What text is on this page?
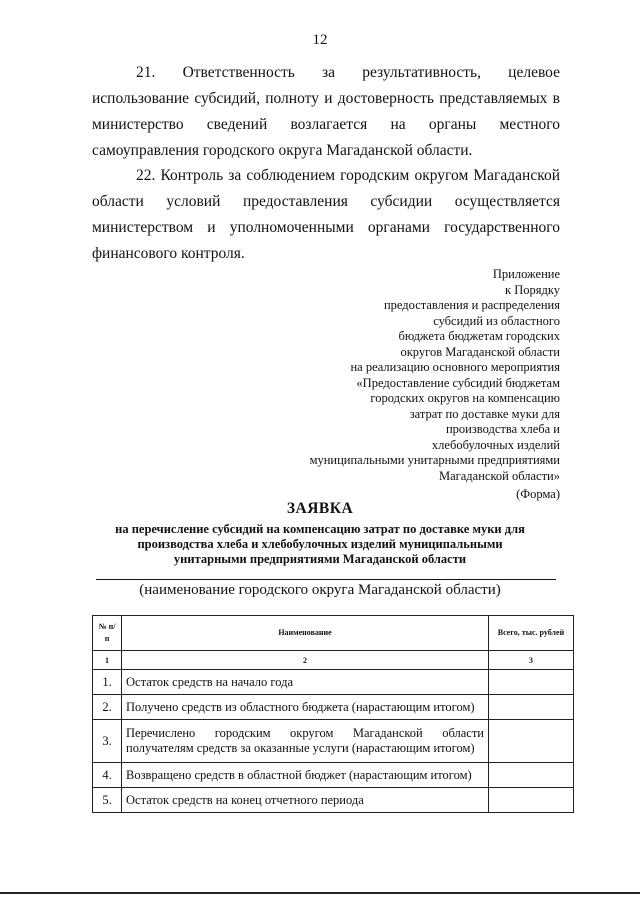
12
21. Ответственность за результативность, целевое использование субсидий, полноту и достоверность представляемых в министерство сведений возлагается на органы местного самоуправления городского округа Магаданской области.
22. Контроль за соблюдением городским округом Магаданской области условий предоставления субсидии осуществляется министерством и уполномоченными органами государственного финансового контроля.
Приложение
к Порядку
предоставления и распределения
субсидий из областного
бюджета бюджетам городских
округов Магаданской области
на реализацию основного мероприятия
«Предоставление субсидий бюджетам
городских округов на компенсацию
затрат по доставке муки для
производства хлеба и
хлебобулочных изделий
муниципальными унитарными предприятиями
Магаданской области»
(Форма)
ЗАЯВКА
на перечисление субсидий на компенсацию затрат по доставке муки для производства хлеба и хлебобулочных изделий муниципальными унитарными предприятиями Магаданской области
(наименование городского округа Магаданской области)
№ п/п	Наименование	Всего, тыс. рублей
1	2	3
1.	Остаток средств на начало года	
2.	Получено средств из областного бюджета (нарастающим итогом)	
3.	Перечислено городским округом Магаданской области получателям средств за оказанные услуги (нарастающим итогом)	
4.	Возвращено средств в областной бюджет (нарастающим итогом)	
5.	Остаток средств на конец отчетного периода	
